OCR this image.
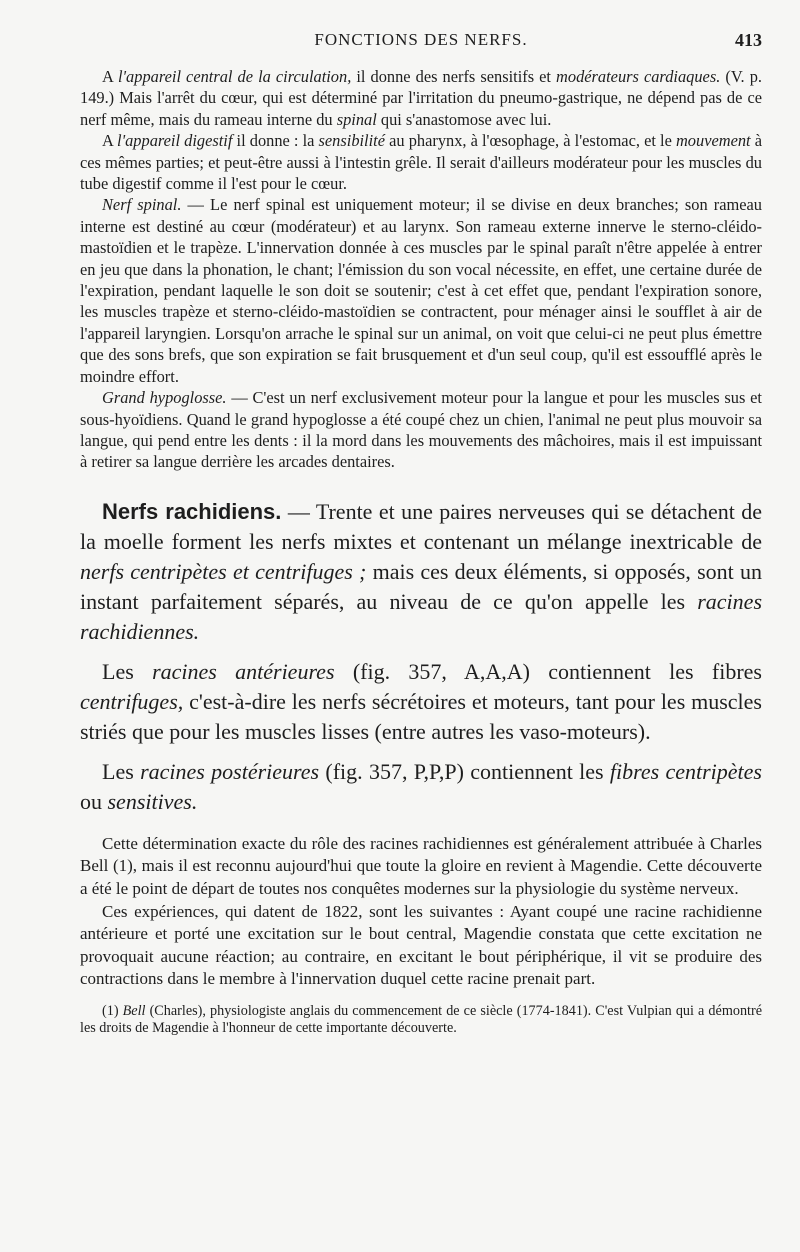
FONCTIONS DES NERFS.	413

A l'appareil central de la circulation, il donne des nerfs sensitifs et modérateurs cardiaques. (V. p. 149.) Mais l'arrêt du cœur, qui est déterminé par l'irritation du pneumo-gastrique, ne dépend pas de ce nerf même, mais du rameau interne du spinal qui s'anastomose avec lui.

A l'appareil digestif il donne : la sensibilité au pharynx, à l'œsophage, à l'estomac, et le mouvement à ces mêmes parties; et peut-être aussi à l'intestin grêle. Il serait d'ailleurs modérateur pour les muscles du tube digestif comme il l'est pour le cœur.

Nerf spinal. — Le nerf spinal est uniquement moteur; il se divise en deux branches; son rameau interne est destiné au cœur (modérateur) et au larynx. Son rameau externe innerve le sterno-cléido-mastoïdien et le trapèze. L'innervation donnée à ces muscles par le spinal paraît n'être appelée à entrer en jeu que dans la phonation, le chant; l'émission du son vocal nécessite, en effet, une certaine durée de l'expiration, pendant laquelle le son doit se soutenir; c'est à cet effet que, pendant l'expiration sonore, les muscles trapèze et sterno-cléido-mastoïdien se contractent, pour ménager ainsi le soufflet à air de l'appareil laryngien. Lorsqu'on arrache le spinal sur un animal, on voit que celui-ci ne peut plus émettre que des sons brefs, que son expiration se fait brusquement et d'un seul coup, qu'il est essoufflé après le moindre effort.

Grand hypoglosse. — C'est un nerf exclusivement moteur pour la langue et pour les muscles sus et sous-hyoïdiens. Quand le grand hypoglosse a été coupé chez un chien, l'animal ne peut plus mouvoir sa langue, qui pend entre les dents : il la mord dans les mouvements des mâchoires, mais il est impuissant à retirer sa langue derrière les arcades dentaires.

Nerfs rachidiens. — Trente et une paires nerveuses qui se détachent de la moelle forment les nerfs mixtes et contenant un mélange inextricable de nerfs centripètes et centrifuges ; mais ces deux éléments, si opposés, sont un instant parfaitement séparés, au niveau de ce qu'on appelle les racines rachidiennes.

Les racines antérieures (fig. 357, A,A,A) contiennent les fibres centrifuges, c'est-à-dire les nerfs sécrétoires et moteurs, tant pour les muscles striés que pour les muscles lisses (entre autres les vaso-moteurs).

Les racines postérieures (fig. 357, P,P,P) contiennent les fibres centripètes ou sensitives.

Cette détermination exacte du rôle des racines rachidiennes est généralement attribuée à Charles Bell (1), mais il est reconnu aujourd'hui que toute la gloire en revient à Magendie. Cette découverte a été le point de départ de toutes nos conquêtes modernes sur la physiologie du système nerveux.

Ces expériences, qui datent de 1822, sont les suivantes : Ayant coupé une racine rachidienne antérieure et porté une excitation sur le bout central, Magendie constata que cette excitation ne provoquait aucune réaction; au contraire, en excitant le bout périphérique, il vit se produire des contractions dans le membre à l'innervation duquel cette racine prenait part.

(1) Bell (Charles), physiologiste anglais du commencement de ce siècle (1774-1841). C'est Vulpian qui a démontré les droits de Magendie à l'honneur de cette importante découverte.
